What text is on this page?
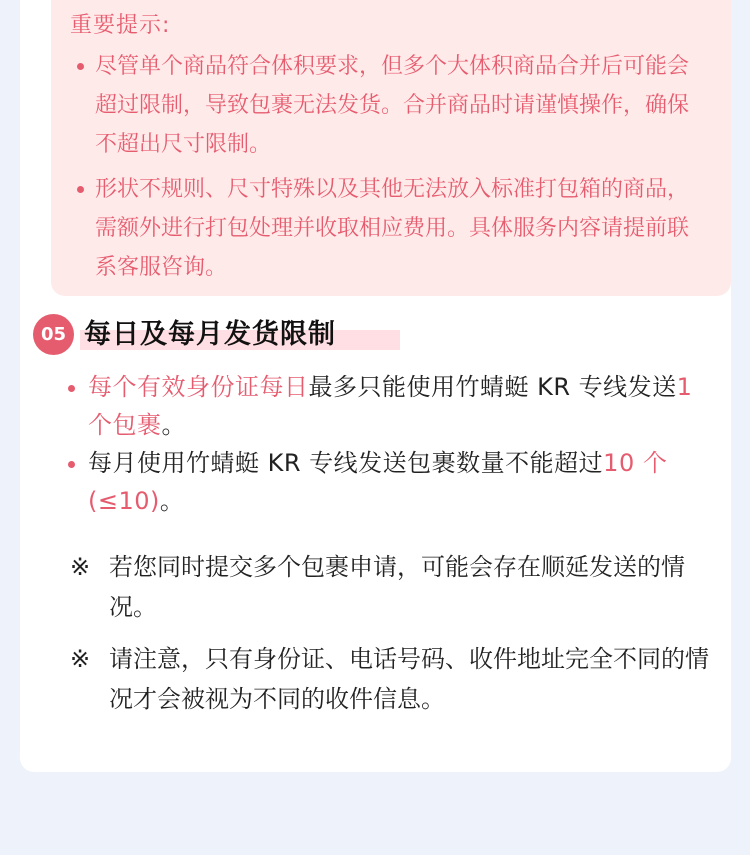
重要提示:
尽管单个商品符合体积要求，但多个大体积商品合并后可能会超过限制，导致包裹无法发货。合并商品时请谨慎操作，确保不超出尺寸限制。
形状不规则、尺寸特殊以及其他无法放入标准打包箱的商品，需额外进行打包处理并收取相应费用。具体服务内容请提前联系客服咨询。
05 每日及每月发货限制
每个有效身份证每日最多只能使用竹蜻蜓 KR 专线发送1 个包裹。
每月使用竹蜻蜓 KR 专线发送包裹数量不能超过10 个 (≤10)。
※ 若您同时提交多个包裹申请，可能会存在顺延发送的情况。
※ 请注意，只有身份证、电话号码、收件地址完全不同的情况才会被视为不同的收件信息。
